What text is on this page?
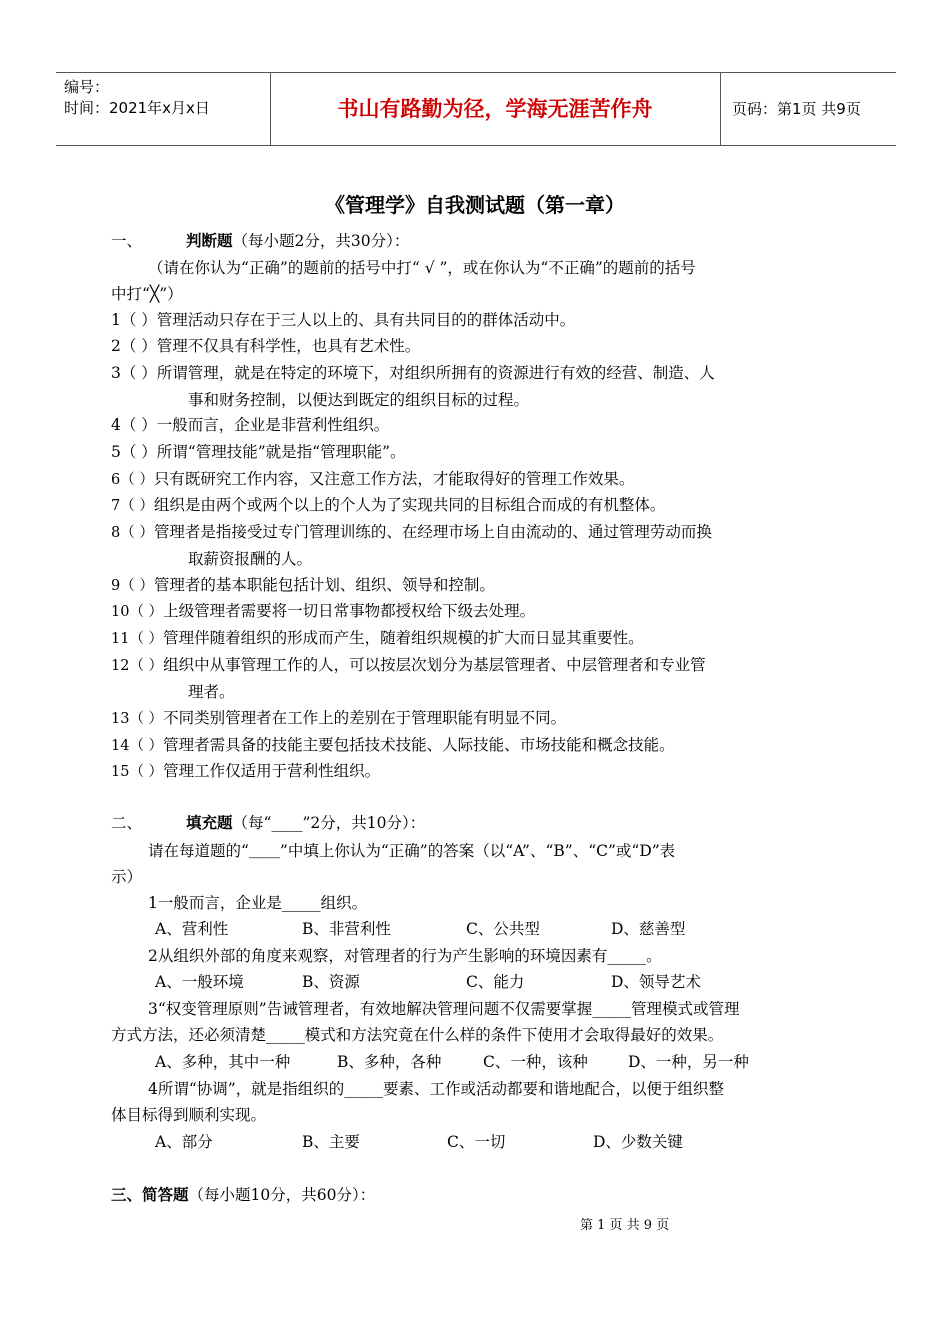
编号：
时间：2021年x月x日	书山有路勤为径，学海无涯苦作舟	页码：第1页 共9页
《管理学》自我测试题（第一章）
一、	判断题（每小题2分，共30分）：
（请在你认为“正确”的题前的括号中打“ √ ”，或在你认为“不正确”的题前的括号
中打“╳”）
1（ ）管理活动只存在于三人以上的、具有共同目的的群体活动中。
2（ ）管理不仅具有科学性，也具有艺术性。
3（ ）所谓管理，就是在特定的环境下，对组织所拥有的资源进行有效的经营、制造、人
事和财务控制，以便达到既定的组织目标的过程。
4（ ）一般而言，企业是非营利性组织。
5（ ）所谓“管理技能”就是指“管理职能”。
6（ ）只有既研究工作内容，又注意工作方法，才能取得好的管理工作效果。
7（ ）组织是由两个或两个以上的个人为了实现共同的目标组合而成的有机整体。
8（ ）管理者是指接受过专门管理训练的、在经理市场上自由流动的、通过管理劳动而换
取薪资报酬的人。
9（ ）管理者的基本职能包括计划、组织、领导和控制。
10（ ）上级管理者需要将一切日常事物都授权给下级去处理。
11（ ）管理伴随着组织的形成而产生，随着组织规模的扩大而日显其重要性。
12（ ）组织中从事管理工作的人，可以按层次划分为基层管理者、中层管理者和专业管
理者。
13（ ）不同类别管理者在工作上的差别在于管理职能有明显不同。
14（ ）管理者需具备的技能主要包括技术技能、人际技能、市场技能和概念技能。
15（ ）管理工作仅适用于营利性组织。
二、	填充题（每“____”2分，共10分）：
请在每道题的“＿＿”中填上你认为“正确”的答案（以“A”、“B”、“C”或“D”表
示）
1一般而言，企业是_____组织。
A、营利性	B、非营利性	C、公共型	D、慈善型
2从组织外部的角度来观察，对管理者的行为产生影响的环境因素有_____。
A、一般环境	B、资源	C、能力	D、领导艺术
3“权变管理原则”告诫管理者，有效地解决管理问题不仅需要掌握_____管理模式或管理
方式方法，还必须清楚_____模式和方法究竟在什么样的条件下使用才会取得最好的效果。
A、多种，其中一种	B、多种，各种	C、一种，该种	D、一种，另一种
4所谓“协调”，就是指组织的_____要素、工作或活动都要和谐地配合，以便于组织整
体目标得到顺利实现。
A、部分	B、主要	C、一切	D、少数关键
三、简答题（每小题10分，共60分）：
第 1 页 共 9 页
